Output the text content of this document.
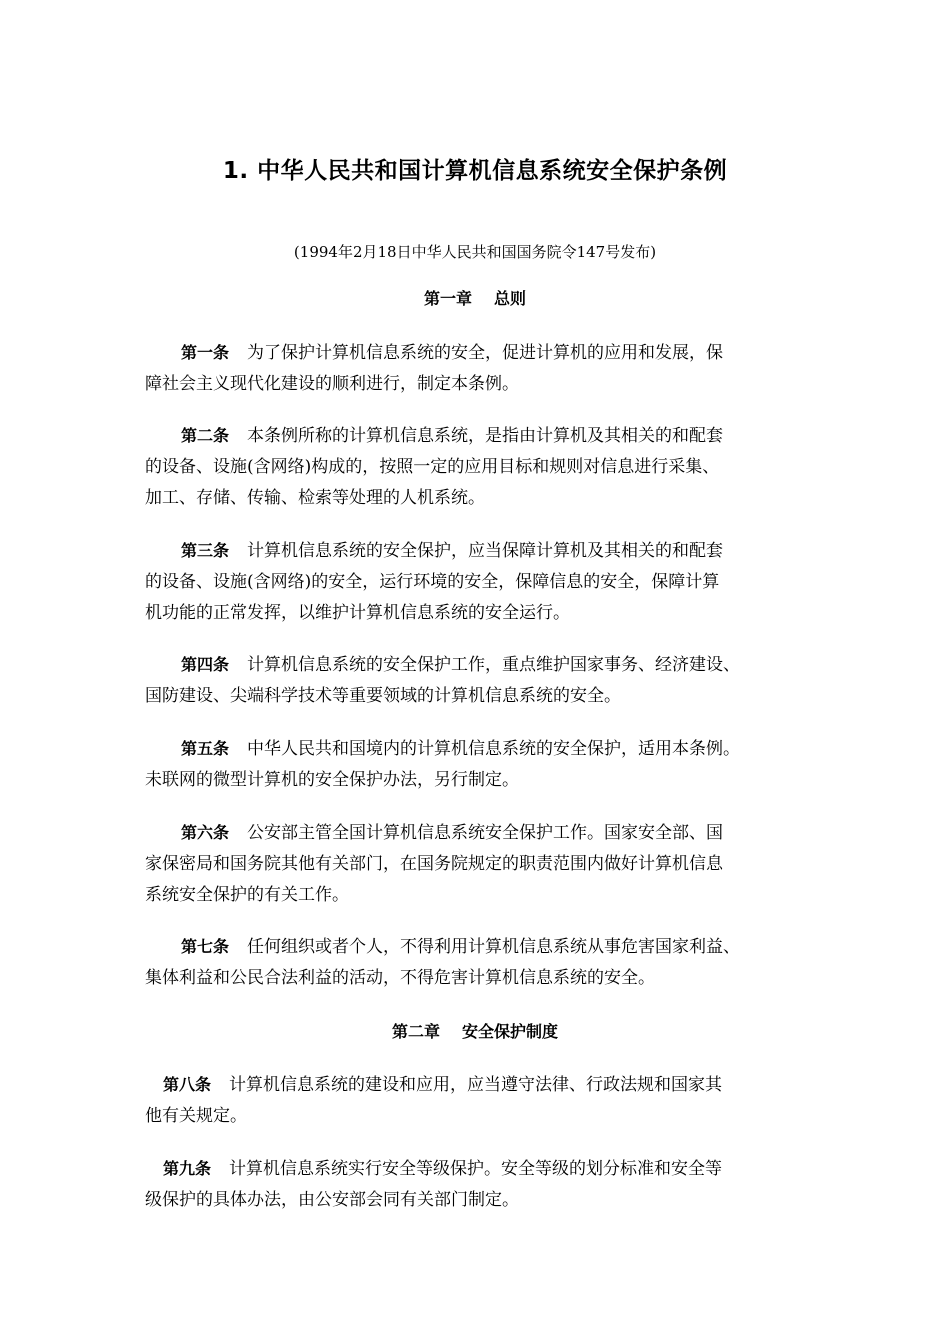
1. 中华人民共和国计算机信息系统安全保护条例
(1994年2月18日中华人民共和国国务院令147号发布)
第一章 总则
第一条 为了保护计算机信息系统的安全，促进计算机的应用和发展，保
障社会主义现代化建设的顺利进行，制定本条例。
第二条 本条例所称的计算机信息系统，是指由计算机及其相关的和配套
的设备、设施(含网络)构成的，按照一定的应用目标和规则对信息进行采集、
加工、存储、传输、检索等处理的人机系统。
第三条 计算机信息系统的安全保护，应当保障计算机及其相关的和配套
的设备、设施(含网络)的安全，运行环境的安全，保障信息的安全，保障计算
机功能的正常发挥，以维护计算机信息系统的安全运行。
第四条 计算机信息系统的安全保护工作，重点维护国家事务、经济建设、
国防建设、尖端科学技术等重要领域的计算机信息系统的安全。
第五条 中华人民共和国境内的计算机信息系统的安全保护，适用本条例。
未联网的微型计算机的安全保护办法，另行制定。
第六条 公安部主管全国计算机信息系统安全保护工作。国家安全部、国
家保密局和国务院其他有关部门，在国务院规定的职责范围内做好计算机信息
系统安全保护的有关工作。
第七条 任何组织或者个人，不得利用计算机信息系统从事危害国家利益、
集体利益和公民合法利益的活动，不得危害计算机信息系统的安全。
第二章 安全保护制度
第八条 计算机信息系统的建设和应用，应当遵守法律、行政法规和国家其
他有关规定。
第九条 计算机信息系统实行安全等级保护。安全等级的划分标准和安全等
级保护的具体办法，由公安部会同有关部门制定。
